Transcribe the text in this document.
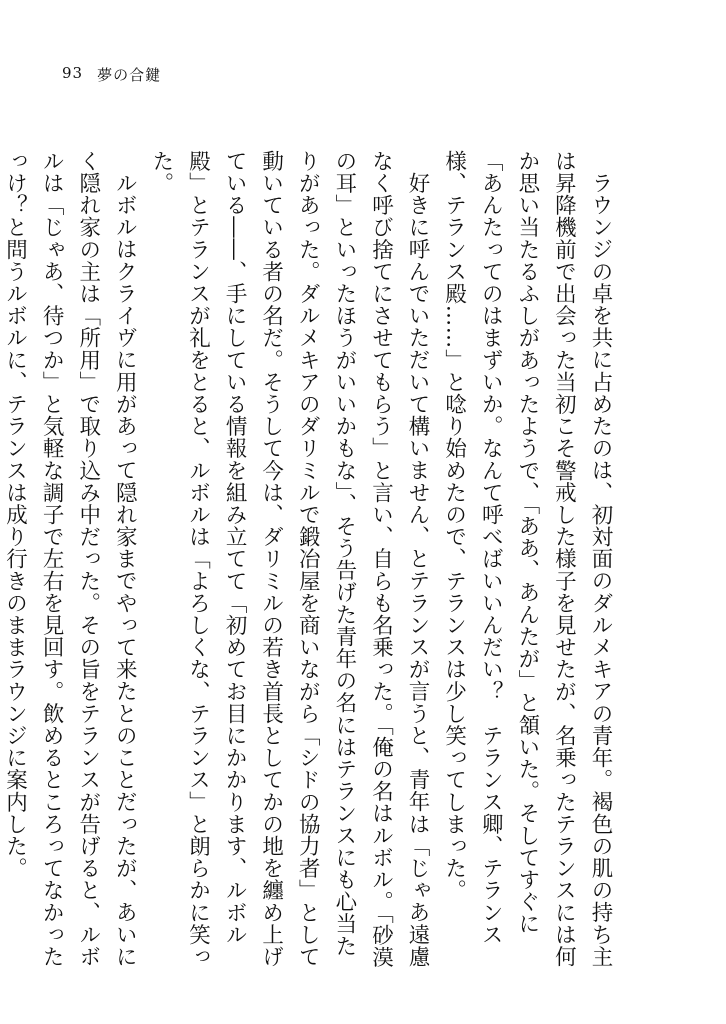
93 夢の合鍵

ラウンジの卓を共に占めたのは、初対面のダルメキアの青年。褐色の肌の持ち主は昇降機前で出会った当初こそ警戒した様子を見せたが、名乗ったテランスには何か思い当たるふしがあったようで、「ああ、あんたが」と頷いた。そしてすぐに「あんたってのはまずいか。なんて呼べばいいんだい？　テランス卿、テランス様、テランス殿……」と唸り始めたので、テランスは少し笑ってしまった。

好きに呼んでいただいて構いません、とテランスが言うと、青年は「じゃあ遠慮なく呼び捨てにさせてもらう」と言い、自らも名乗った。「俺の名はルボル。「砂漠の耳」といったほうがいいかもな」、そう告げた青年の名にはテランスにも心当たりがあった。ダルメキアのダリミルで鍛冶屋を商いながら「シドの協力者」として動いている者の名だ。そうして今は、ダリミルの若き首長としてかの地を纏め上げている――、手にしている情報を組み立てて「初めてお目にかかります、ルボル殿」とテランスが礼をとると、ルボルは「よろしくな、テランス」と朗らかに笑った。

ルボルはクライヴに用があって隠れ家までやって来たとのことだったが、あいにく隠れ家の主は「所用」で取り込み中だった。その旨をテランスが告げると、ルボルは「じゃあ、待つか」と気軽な調子で左右を見回す。飲めるところってなかったっけ？と問うルボルに、テランスは成り行きのままラウンジに案内した。
